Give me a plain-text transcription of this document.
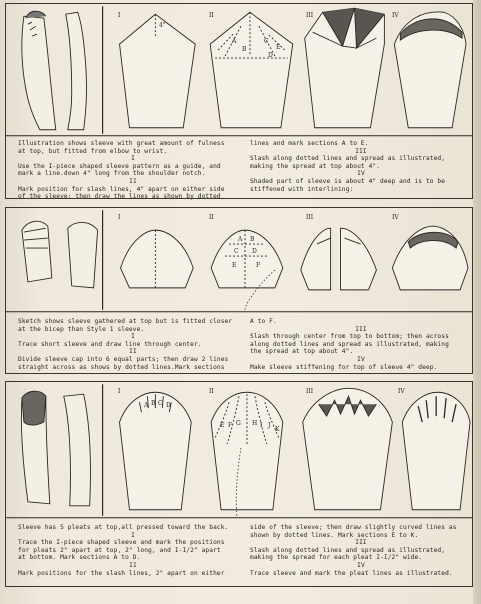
I	II	III	IV
4"
A
B
C
D
E

Illustration shows sleeve with great amount of fulness

at top, but fitted from elbow to wrist.

I

Use the I-piece shaped sleeve pattern as a guide, and

mark a line.down 4" long from the shoulder notch.

II

Mark position for slash lines, 4" apart on either side

of the sleeve; then draw the lines as shown by dotted

lines and mark sections A to E.

III

Slash along dotted lines and spread as illustrated,

making the spread at top about 4".

IV

Shaded part of sleeve is about 4" deep and is to be

stiffened with interlining:

I	II	III	IV
A B
C D
E	F

Sketch shows sleeve gathered at top but is fitted closer

at the bicep than Style 1 sleeve.

I

Trace short sleeve and draw line through center.

II

Divide sleeve cap into 6 equal parts; then draw 2 lines

straight across as shows by dotted lines.Mark sections

A to F.

III

Slash through center from top to bottom; then across

along dotted lines and spread as illustrated, making

the spread at top about 4".

IV

Make sleeve stiffening for top of sleeve 4" deep.

I	II	III	IV
A B C D
E F G H I J
K

Sleeve has 5 pleats at top,all pressed toward the back.

I

Trace the I-piece shaped sleeve and mark the positions

for pleats 2" apart at top, 2" long, and I-I/2" apart

at bottom. Mark sections A to D.

II

Mark positions for the slash lines, 2" apart on either

side of the sleeve; then draw slightly curved lines as

shown by dotted lines. Mark sections E to K.

III

Slash along dotted lines and spread as illustrated,

making the spread for each pleat I-I/2" wide.

IV

Trace sleeve and mark the pleat lines as illustrated.
